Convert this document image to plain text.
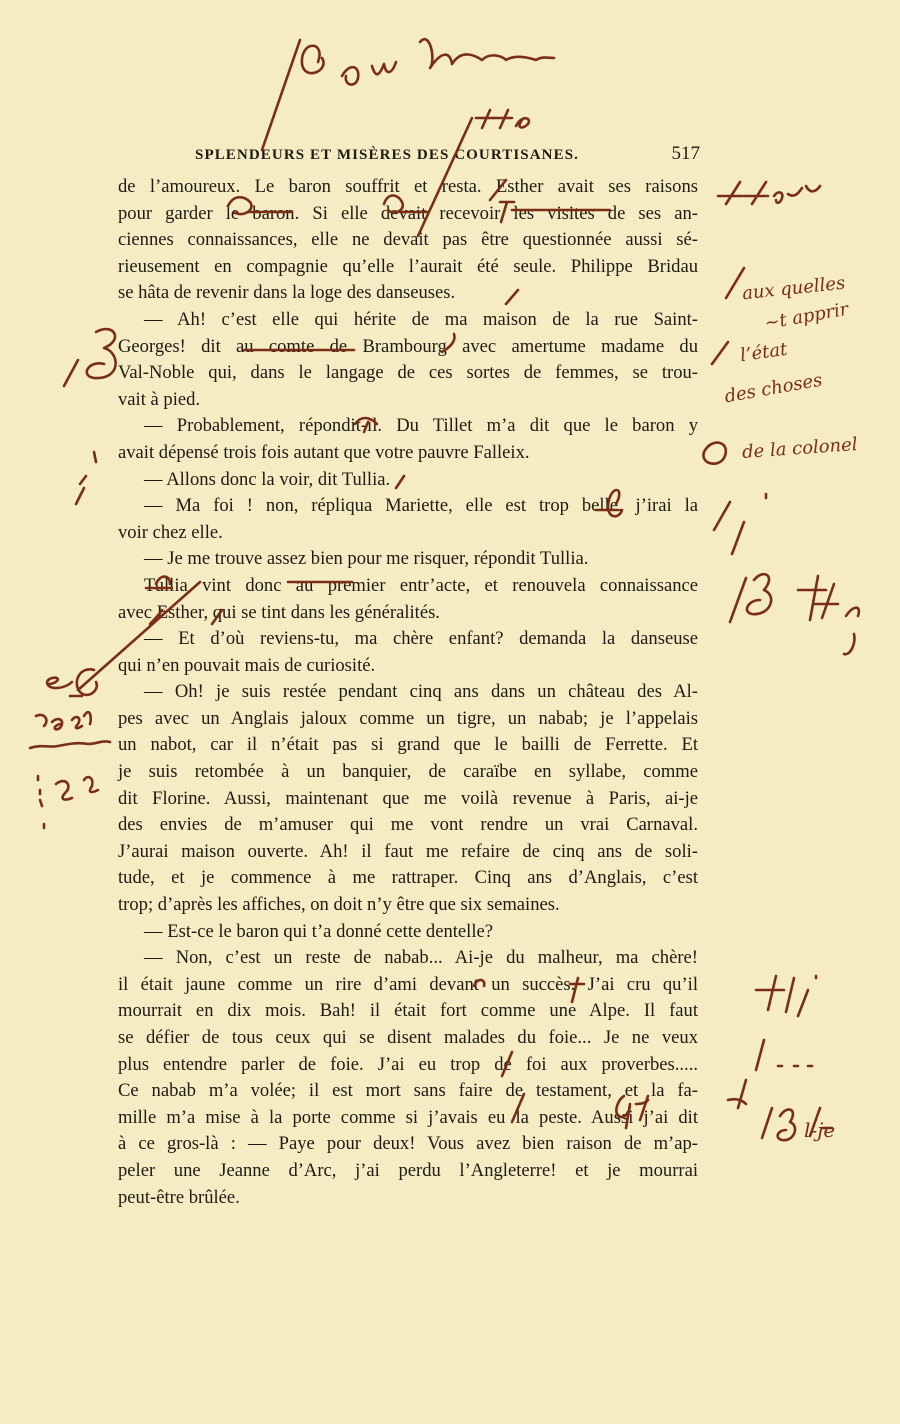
SPLENDEURS ET MISÈRES DES COURTISANES.	517
de l’amoureux. Le baron souffrit et resta. Esther avait ses raisons
pour garder le baron. Si elle devait recevoir les visites de ses an-
ciennes connaissances, elle ne devait pas être questionnée aussi sé-
rieusement en compagnie qu’elle l’aurait été seule. Philippe Bridau
se hâta de revenir dans la loge des danseuses.
— Ah! c’est elle qui hérite de ma maison de la rue Saint-
Georges! dit au comte de Brambourg avec amertume madame du
Val-Noble qui, dans le langage de ces sortes de femmes, se trou-
vait à pied.
— Probablement, répondit-il. Du Tillet m’a dit que le baron y
avait dépensé trois fois autant que votre pauvre Falleix.
— Allons donc la voir, dit Tullia.
— Ma foi ! non, répliqua Mariette, elle est trop belle, j’irai la
voir chez elle.
— Je me trouve assez bien pour me risquer, répondit Tullia.
Tullia vint donc au premier entr’acte, et renouvela connaissance
avec Esther, qui se tint dans les généralités.
— Et d’où reviens-tu, ma chère enfant? demanda la danseuse
qui n’en pouvait mais de curiosité.
— Oh! je suis restée pendant cinq ans dans un château des Al-
pes avec un Anglais jaloux comme un tigre, un nabab; je l’appelais
un nabot, car il n’était pas si grand que le bailli de Ferrette. Et
je suis retombée à un banquier, de caraïbe en syllabe, comme
dit Florine. Aussi, maintenant que me voilà revenue à Paris, ai-je
des envies de m’amuser qui me vont rendre un vrai Carnaval.
J’aurai maison ouverte. Ah! il faut me refaire de cinq ans de soli-
tude, et je commence à me rattraper. Cinq ans d’Anglais, c’est
trop; d’après les affiches, on doit n’y être que six semaines.
— Est-ce le baron qui t’a donné cette dentelle?
— Non, c’est un reste de nabab... Ai-je du malheur, ma chère!
il était jaune comme un rire d’ami devant un succès. J’ai cru qu’il
mourrait en dix mois. Bah! il était fort comme une Alpe. Il faut
se défier de tous ceux qui se disent malades du foie... Je ne veux
plus entendre parler de foie. J’ai eu trop de foi aux proverbes.....
Ce nabab m’a volée; il est mort sans faire de testament, et la fa-
mille m’a mise à la porte comme si j’avais eu la peste. Aussi j’ai dit
à ce gros-là : — Paye pour deux! Vous avez bien raison de m’ap-
peler une Jeanne d’Arc, j’ai perdu l’Angleterre! et je mourrai
peut-être brûlée.
aux quelles
~t apprir
l’état
des choses
de la colonel
l-je
